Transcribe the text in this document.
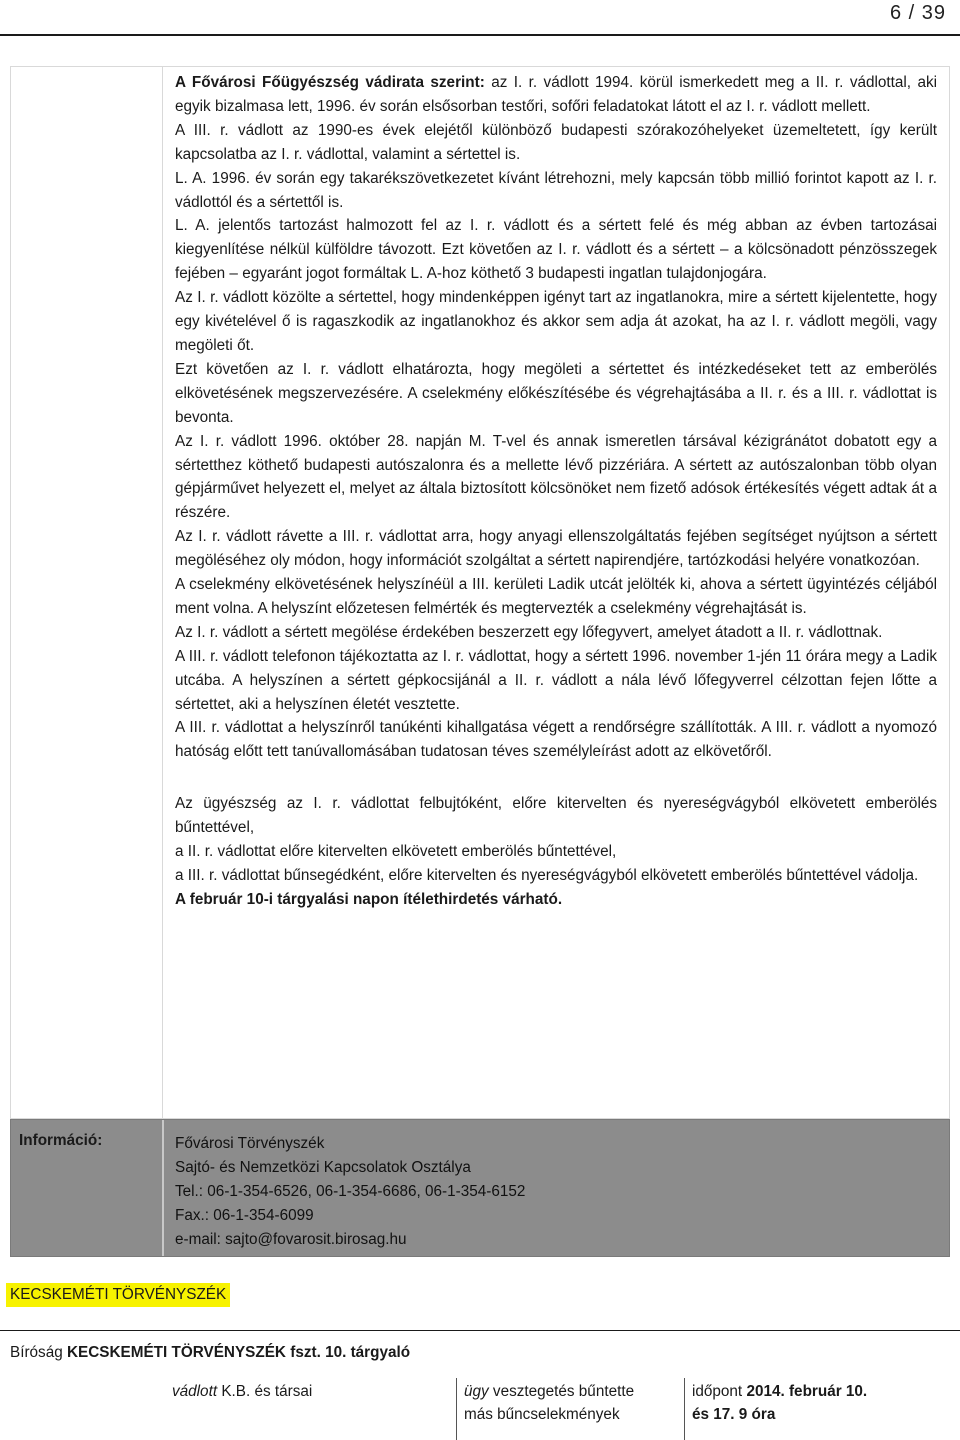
6 / 39

A Fővárosi Főügyészség vádirata szerint: az I. r. vádlott 1994. körül ismerkedett meg a II. r. vádlottal, aki egyik bizalmasa lett, 1996. év során elsősorban testőri, sofőri feladatokat látott el az I. r. vádlott mellett.

A III. r. vádlott az 1990-es évek elejétől különböző budapesti szórakozóhelyeket üzemeltetett, így került kapcsolatba az I. r. vádlottal, valamint a sértettel is.

L. A. 1996. év során egy takarékszövetkezetet kívánt létrehozni, mely kapcsán több millió forintot kapott az I. r. vádlottól és a sértettől is.

L. A. jelentős tartozást halmozott fel az I. r. vádlott és a sértett felé és még abban az évben tartozásai kiegyenlítése nélkül külföldre távozott. Ezt követően az I. r. vádlott és a sértett – a kölcsönadott pénzösszegek fejében – egyaránt jogot formáltak L. A-hoz köthető 3 budapesti ingatlan tulajdonjogára.

Az I. r. vádlott közölte a sértettel, hogy mindenképpen igényt tart az ingatlanokra, mire a sértett kijelentette, hogy egy kivételével ő is ragaszkodik az ingatlanokhoz és akkor sem adja át azokat, ha az I. r. vádlott megöli, vagy megöleti őt.

Ezt követően az I. r. vádlott elhatározta, hogy megöleti a sértettet és intézkedéseket tett az emberölés elkövetésének megszervezésére. A cselekmény előkészítésébe és végrehajtásába a II. r. és a III. r. vádlottat is bevonta.

Az I. r. vádlott 1996. október 28. napján M. T-vel és annak ismeretlen társával kézigránátot dobatott egy a sértetthez köthető budapesti autószalonra és a mellette lévő pizzériára. A sértett az autószalonban több olyan gépjárművet helyezett el, melyet az általa biztosított kölcsönöket nem fizető adósok értékesítés végett adtak át a részére.

Az I. r. vádlott rávette a III. r. vádlottat arra, hogy anyagi ellenszolgáltatás fejében segítséget nyújtson a sértett megöléséhez oly módon, hogy információt szolgáltat a sértett napirendjére, tartózkodási helyére vonatkozóan.

A cselekmény elkövetésének helyszínéül a III. kerületi Ladik utcát jelölték ki, ahova a sértett ügyintézés céljából ment volna. A helyszínt előzetesen felmérték és megtervezték a cselekmény végrehajtását is.

Az I. r. vádlott a sértett megölése érdekében beszerzett egy lőfegyvert, amelyet átadott a II. r. vádlottnak.

A III. r. vádlott telefonon tájékoztatta az I. r. vádlottat, hogy a sértett 1996. november 1-jén 11 órára megy a Ladik utcába. A helyszínen a sértett gépkocsijánál a II. r. vádlott a nála lévő lőfegyverrel célzottan fejen lőtte a sértettet, aki a helyszínen életét vesztette.

A III. r. vádlottat a helyszínről tanúkénti kihallgatása végett a rendőrségre szállították. A III. r. vádlott a nyomozó hatóság előtt tett tanúvallomásában tudatosan téves személyleírást adott az elkövetőről.

Az ügyészség az I. r. vádlottat felbujtóként, előre kitervelten és nyereségvágyból elkövetett emberölés bűntettével,

a II. r. vádlottat előre kitervelten elkövetett emberölés bűntettével,

a III. r. vádlottat bűnsegédként, előre kitervelten és nyereségvágyból elkövetett emberölés bűntettével vádolja.

A február 10-i tárgyalási napon ítélethirdetés várható.

Információ:	Fővárosi Törvényszék
Sajtó- és Nemzetközi Kapcsolatok Osztálya
Tel.: 06-1-354-6526, 06-1-354-6686, 06-1-354-6152
Fax.: 06-1-354-6099
e-mail: sajto@fovarosit.birosag.hu
KECSKEMÉTI TÖRVÉNYSZÉK
Bíróság KECSKEMÉTI TÖRVÉNYSZÉK fszt. 10. tárgyaló
vádlott K.B. és társai	ügy vesztegetés bűntette
más bűncselekmények
időpont 2014. február 10.
és 17. 9 óra
